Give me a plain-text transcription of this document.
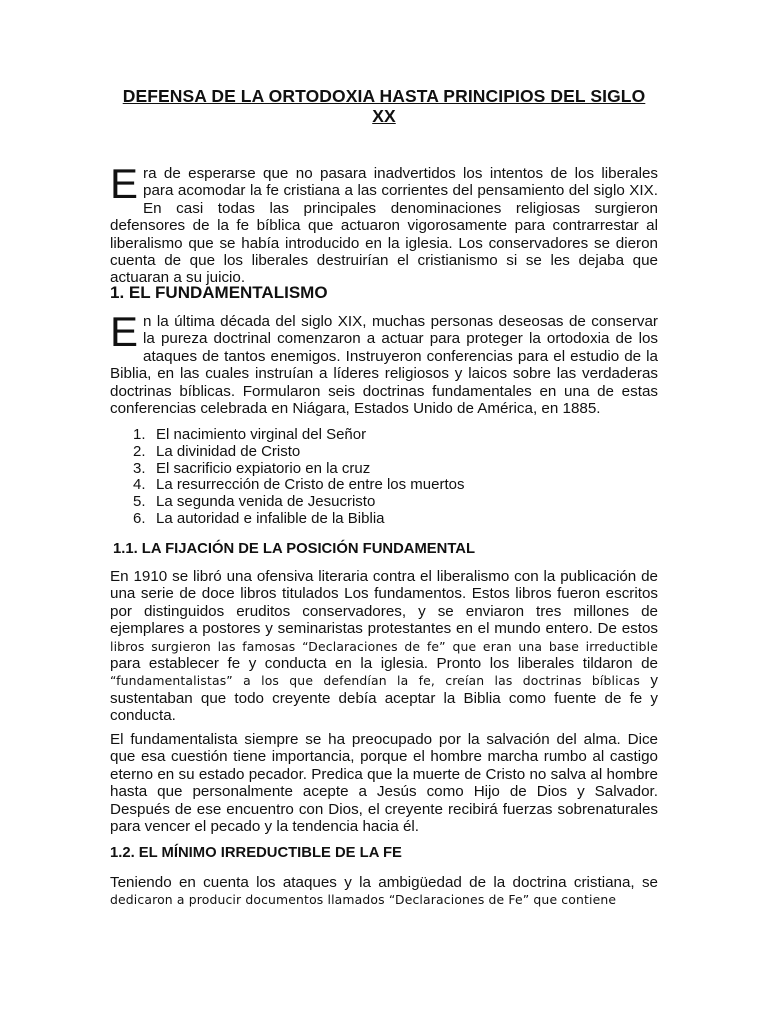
DEFENSA DE LA ORTODOXIA HASTA PRINCIPIOS DEL SIGLO XX
Era de esperarse que no pasara inadvertidos los intentos de los liberales para acomodar la fe cristiana a las corrientes del pensamiento del siglo XIX. En casi todas las principales denominaciones religiosas surgieron defensores de la fe bíblica que actuaron vigorosamente para contrarrestar al liberalismo que se había introducido en la iglesia. Los conservadores se dieron cuenta de que los liberales destruirían el cristianismo si se les dejaba que actuaran a su juicio.
1. EL FUNDAMENTALISMO
En la última década del siglo XIX, muchas personas deseosas de conservar la pureza doctrinal comenzaron a actuar para proteger la ortodoxia de los ataques de tantos enemigos. Instruyeron conferencias para el estudio de la Biblia, en las cuales instruían a líderes religiosos y laicos sobre las verdaderas doctrinas bíblicas. Formularon seis doctrinas fundamentales en una de estas conferencias celebrada en Niágara, Estados Unido de América, en 1885.
1. El nacimiento virginal del Señor
2. La divinidad de Cristo
3. El sacrificio expiatorio en la cruz
4. La resurrección de Cristo de entre los muertos
5. La segunda venida de Jesucristo
6. La autoridad e infalible de la Biblia
1.1. LA FIJACIÓN DE LA POSICIÓN FUNDAMENTAL
En 1910 se libró una ofensiva literaria contra el liberalismo con la publicación de una serie de doce libros titulados Los fundamentos. Estos libros fueron escritos por distinguidos eruditos conservadores, y se enviaron tres millones de ejemplares a postores y seminaristas protestantes en el mundo entero. De estos libros surgieron las famosas “Declaraciones de fe” que eran una base irreductible para establecer fe y conducta en la iglesia. Pronto los liberales tildaron de “fundamentalistas” a los que defendían la fe, creían las doctrinas bíblicas y sustentaban que todo creyente debía aceptar la Biblia como fuente de fe y conducta.
El fundamentalista siempre se ha preocupado por la salvación del alma. Dice que esa cuestión tiene importancia, porque el hombre marcha rumbo al castigo eterno en su estado pecador. Predica que la muerte de Cristo no salva al hombre hasta que personalmente acepte a Jesús como Hijo de Dios y Salvador. Después de ese encuentro con Dios, el creyente recibirá fuerzas sobrenaturales para vencer el pecado y la tendencia hacia él.
1.2. EL MÍNIMO IRREDUCTIBLE DE LA FE
Teniendo en cuenta los ataques y la ambigüedad de la doctrina cristiana, se dedicaron a producir documentos llamados “Declaraciones de Fe” que contiene
